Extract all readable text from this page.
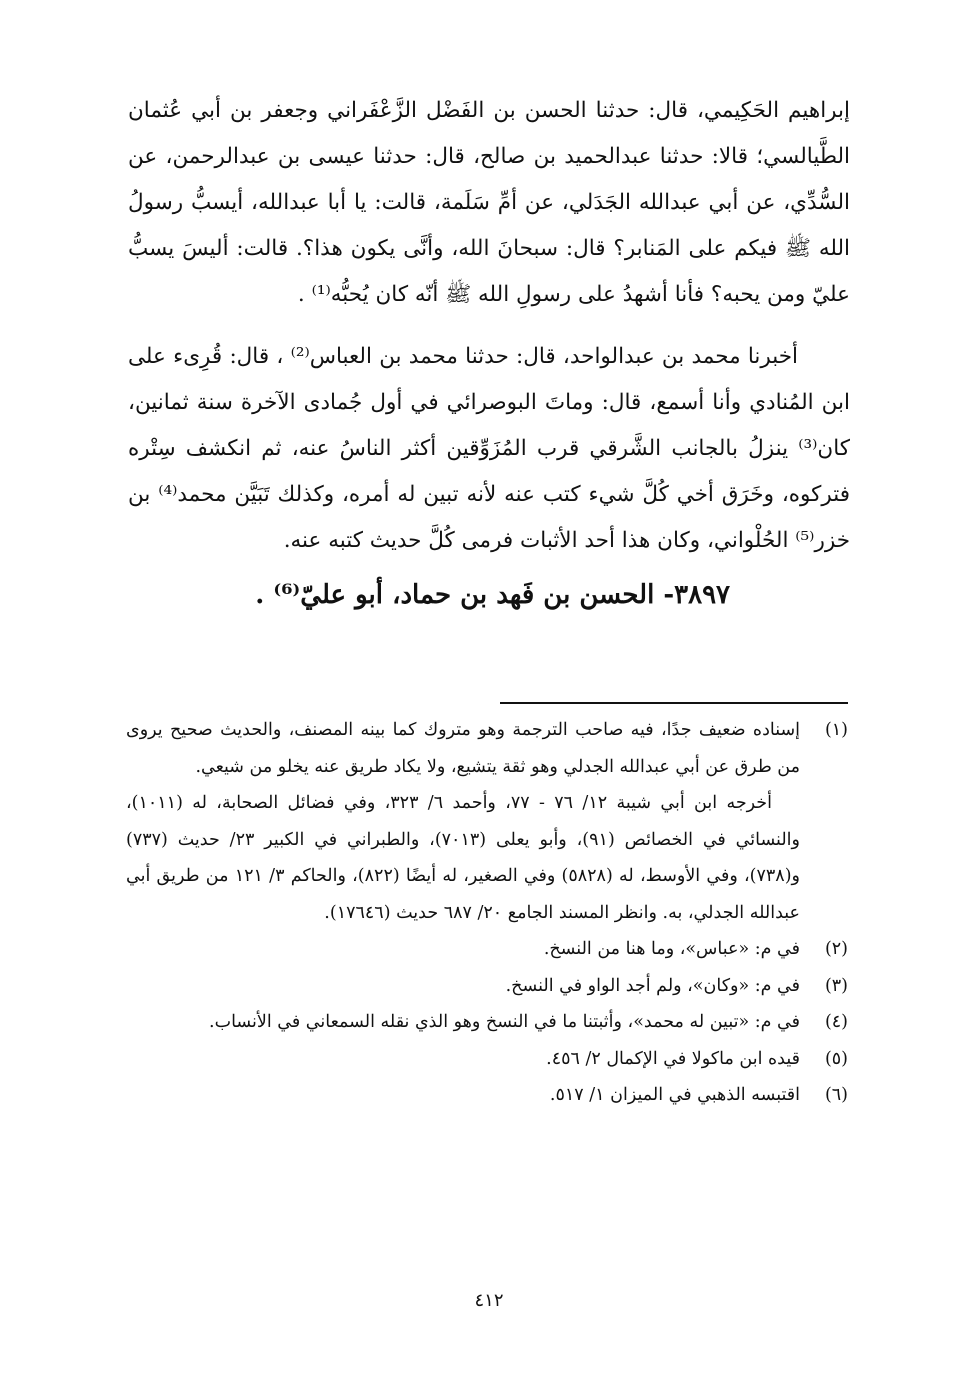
إبراهيم الحَكِيمي، قال: حدثنا الحسن بن الفَضْل الزَّعْفَراني وجعفر بن أبي عُثمان الطَّيالسي؛ قالا: حدثنا عبدالحميد بن صالح، قال: حدثنا عيسى بن عبدالرحمن، عن السُّدِّي، عن أبي عبدالله الجَدَلي، عن أمِّ سَلَمة، قالت: يا أبا عبدالله، أيسبُّ رسولُ الله ﷺ فيكم على المَنابر؟ قال: سبحانَ الله، وأنَّى يكون هذا؟. قالت: أليسَ يسبُّ عليّ ومن يحبه؟ فأنا أشهدُ على رسولِ الله ﷺ أنّه كان يُحبُّه⁽¹⁾ .

أخبرنا محمد بن عبدالواحد، قال: حدثنا محمد بن العباس⁽²⁾ ، قال: قُرِىء على ابن المُنادي وأنا أسمع، قال: وماتَ البوصرائي في أول جُمادى الآخرة سنة ثمانين، كان⁽³⁾ ينزلُ بالجانب الشَّرقي قرب المُزَوِّقين أكثر الناسُ عنه، ثم انكشف سِتْره فتركوه، وخَرَق أخي كُلَّ شيء كتب عنه لأنه تبين له أمره، وكذلك تَبَيَّن محمد⁽⁴⁾ بن خزر⁽⁵⁾ الحُلْواني، وكان هذا أحد الأثبات فرمى كُلَّ حديث كتبه عنه.

٣٨٩٧- الحسن بن فَهد بن حماد، أبو عليّ⁽⁶⁾ .

(١)
إسناده ضعيف جدًا، فيه صاحب الترجمة وهو متروك كما بينه المصنف، والحديث صحيح يروى من طرق عن أبي عبدالله الجدلي وهو ثقة يتشيع، ولا يكاد طريق عنه يخلو من شيعي.
أخرجه ابن أبي شيبة ١٢/ ٧٦ - ٧٧، وأحمد ٦/ ٣٢٣، وفي فضائل الصحابة، له (١٠١١)، والنسائي في الخصائص (٩١)، وأبو يعلى (٧٠١٣)، والطبراني في الكبير ٢٣/ حديث (٧٣٧) و(٧٣٨)، وفي الأوسط، له (٥٨٢٨) وفي الصغير، له أيضًا (٨٢٢)، والحاكم ٣/ ١٢١ من طريق أبي عبدالله الجدلي، به. وانظر المسند الجامع ٢٠/ ٦٨٧ حديث (١٧٦٤٦).
(٢)
في م: «عباس»، وما هنا من النسخ.
(٣)
في م: «وكان»، ولم أجد الواو في النسخ.
(٤)
في م: «تبين له محمد»، وأثبتنا ما في النسخ وهو الذي نقله السمعاني في الأنساب.
(٥)
قيده ابن ماكولا في الإكمال ٢/ ٤٥٦.
(٦)
اقتبسه الذهبي في الميزان ١/ ٥١٧.
٤١٢
